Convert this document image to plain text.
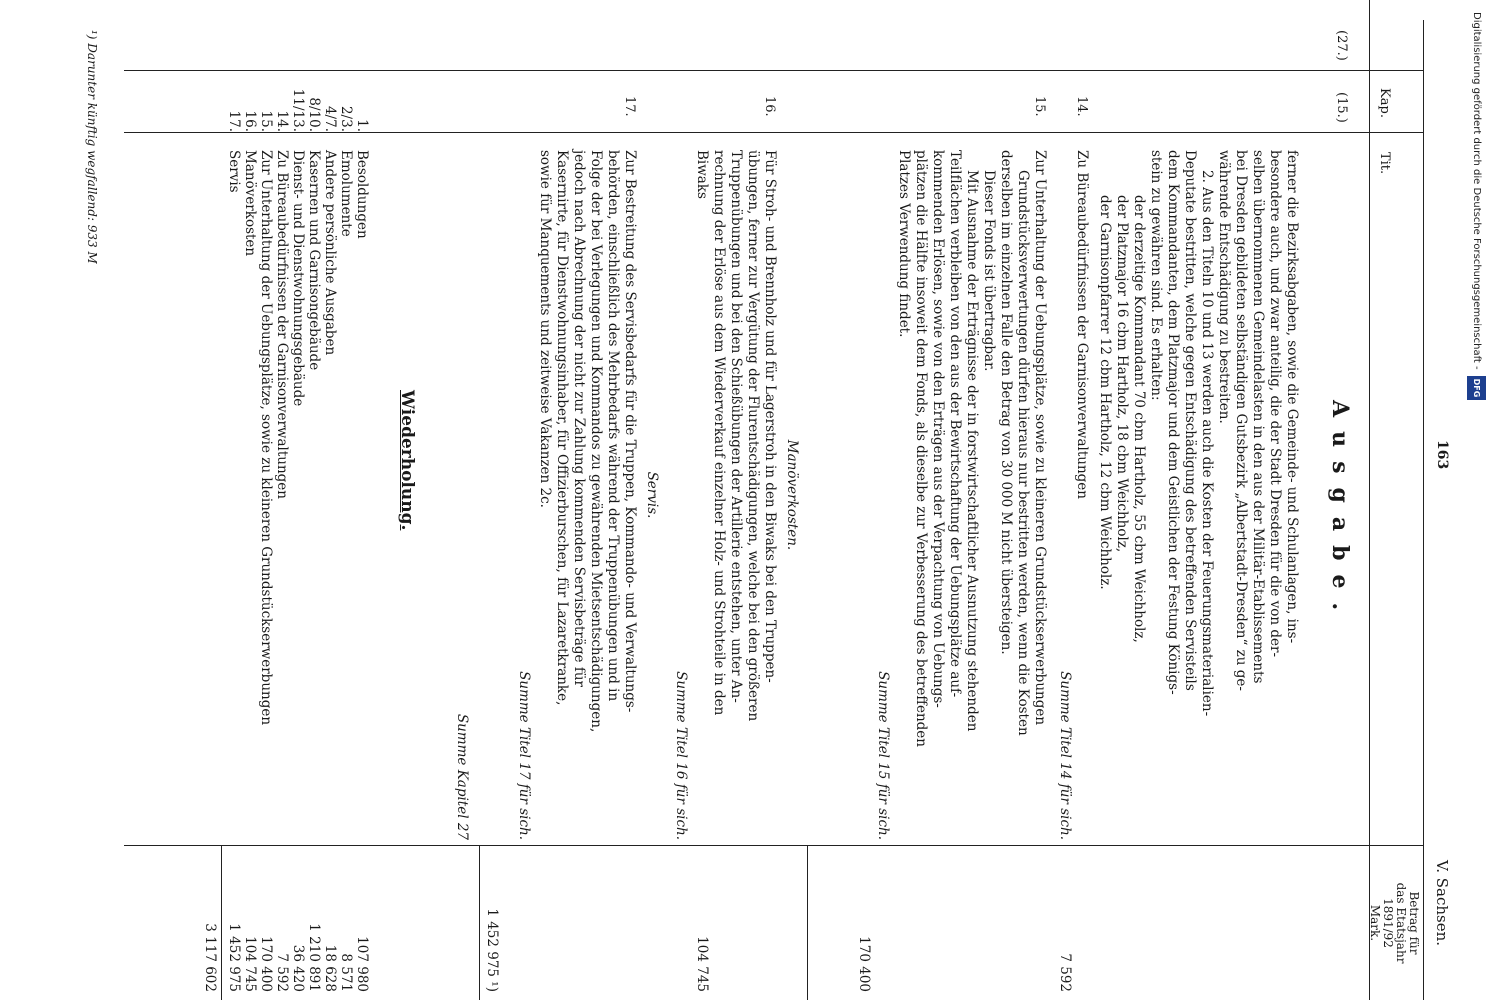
Digitalisierung gefördert durch die Deutsche Forschungsgemeinschaft -
DFG
163
V. Sachsen.
Kap.
Tit.
Betrag für
das Etatsjahr
1891/92
Mark.
(27.)
(15.)
Ausgabe.

ferner die Bezirksabgaben, sowie die Gemeinde- und Schulanlagen, ins-

besondere auch, und zwar anteilig, die der Stadt Dresden für die von der-

selben übernommenen Gemeindelasten in den aus der Militär-Etablissements

bei Dresden gebildeten selbständigen Gutsbezirk „Albertstadt-Dresden“ zu ge-

währende Entschädigung zu bestreiten.

2. Aus den Titeln 10 und 13 werden auch die Kosten der Feuerungsmaterialien-

Deputate bestritten, welche gegen Entschädigung des betreffenden Servisteils

dem Kommandanten, dem Platzmajor und dem Geistlichen der Festung Königs-

stein zu gewähren sind. Es erhalten:

der derzeitige Kommandant 70 cbm Hartholz, 55 cbm Weichholz,

der Platzmajor 16 cbm Hartholz, 18 cbm Weichholz,

der Garnisonpfarrer 12 cbm Hartholz, 12 cbm Weichholz.

14.

Zu Büreaubedürfnissen der Garnisonverwaltungen

Summe Titel 14 für sich.

7 592
15.

Zur Unterhaltung der Uebungsplätze, sowie zu kleineren Grundstückserwerbungen

Grundstücksverwertungen dürfen hieraus nur bestritten werden, wenn die Kosten

derselben im einzelnen Falle den Betrag von 30 000 M nicht übersteigen.

Dieser Fonds ist übertragbar.

Mit Ausnahme der Erträgnisse der in forstwirtschaftlicher Ausnutzung stehenden

Teilflächen verbleiben von den aus der Bewirtschaftung der Uebungsplätze auf-

kommenden Erlösen, sowie von den Erträgen aus der Verpachtung von Uebungs-

plätzen die Hälfte insoweit dem Fonds, als dieselbe zur Verbesserung des betreffenden

Platzes Verwendung findet.

Summe Titel 15 für sich.

170 400
Manöverkosten.
16.

Für Stroh- und Brennholz und für Lagerstroh in den Biwaks bei den Truppen-

übungen, ferner zur Vergütung der Flurentschädigungen, welche bei den größeren

Truppenübungen und bei den Schießübungen der Artillerie entstehen, unter An-

rechnung der Erlöse aus dem Wiederverkauf einzelner Holz- und Strohteile in den

Biwaks

Summe Titel 16 für sich.

104 745
Servis.
17.

Zur Bestreitung des Servisbedarfs für die Truppen, Kommando- und Verwaltungs-

behörden, einschließlich des Mehrbedarfs während der Truppenübungen und in

Folge der bei Verlegungen und Kommandos zu gewährenden Mietsentschädigungen,

jedoch nach Abrechnung der nicht zur Zahlung kommenden Servisbeträge für

Kasernirte, für Dienstwohnungsinhaber, für Offizierburschen, für Lazaretkranke,

sowie für Manquements und zeitweise Vakanzen 2c.

Summe Titel 17 für sich.

1 452 975 ¹)
Summe Kapitel 27
Wiederholung.
1.
Besoldungen
107 980
2/3.
Emolumente
8 571
4/7.
Andere persönliche Ausgaben
18 628
8/10.
Kasernen und Garnisongebäude
1 210 891
11/13.
Dienst- und Dienstwohnungsgebäude
36 420
14.
Zu Büreaubedürfnissen der Garnisonverwaltungen
7 592
15.
Zur Unterhaltung der Uebungsplätze, sowie zu kleineren Grundstückserwerbungen
170 400
16.
Manöverkosten
104 745
17.
Servis
1 452 975
3 117 602
¹) Darunter künftig wegfallend: 933 M
